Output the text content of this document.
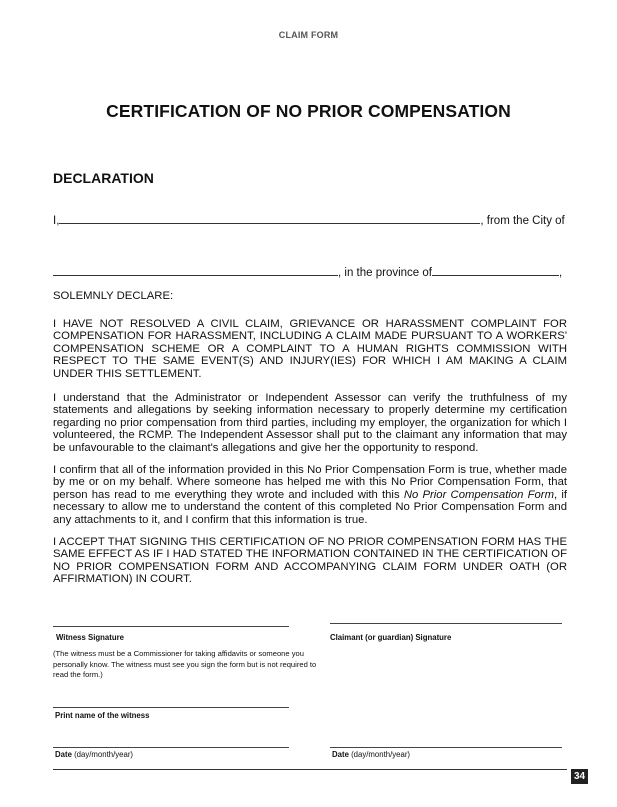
CLAIM FORM
CERTIFICATION OF NO PRIOR COMPENSATION
DECLARATION
I,	, from the City of
, in the province of	,
SOLEMNLY DECLARE:
I HAVE NOT RESOLVED A CIVIL CLAIM, GRIEVANCE OR HARASSMENT COMPLAINT FOR COMPENSATION FOR HARASSMENT, INCLUDING A CLAIM MADE PURSUANT TO A WORKERS' COMPENSATION SCHEME OR A COMPLAINT TO A HUMAN RIGHTS COMMISSION WITH RESPECT TO THE SAME EVENT(S) AND INJURY(IES) FOR WHICH I AM MAKING A CLAIM UNDER THIS SETTLEMENT.
I understand that the Administrator or Independent Assessor can verify the truthfulness of my statements and allegations by seeking information necessary to properly determine my certification regarding no prior compensation from third parties, including my employer, the organization for which I volunteered, the RCMP. The Independent Assessor shall put to the claimant any information that may be unfavourable to the claimant's allegations and give her the opportunity to respond.
I confirm that all of the information provided in this No Prior Compensation Form is true, whether made by me or on my behalf. Where someone has helped me with this No Prior Compensation Form, that person has read to me everything they wrote and included with this No Prior Compensation Form, if necessary to allow me to understand the content of this completed No Prior Compensation Form and any attachments to it, and I confirm that this information is true.
I ACCEPT THAT SIGNING THIS CERTIFICATION OF NO PRIOR COMPENSATION FORM HAS THE SAME EFFECT AS IF I HAD STATED THE INFORMATION CONTAINED IN THE CERTIFICATION OF NO PRIOR COMPENSATION FORM AND ACCOMPANYING CLAIM FORM UNDER OATH (OR AFFIRMATION) IN COURT.
Witness Signature
(The witness must be a Commissioner for taking affidavits or someone you personally know. The witness must see you sign the form but is not required to read the form.)
Claimant (or guardian) Signature
Print name of the witness
Date (day/month/year)	Date (day/month/year)
34
